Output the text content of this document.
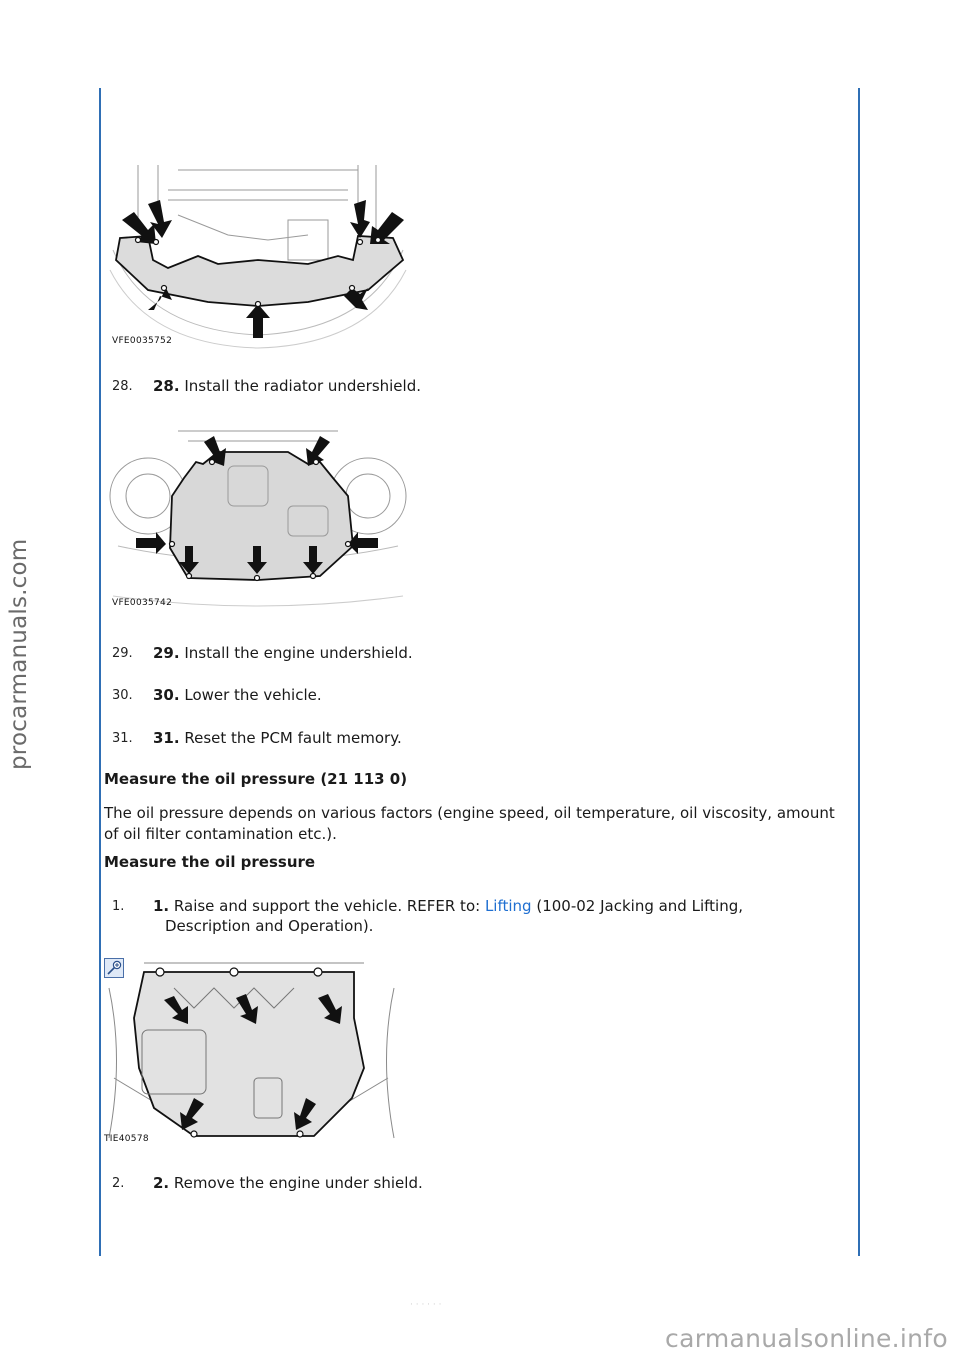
procarmanuals.com
carmanualsonline.info
· · · · · ·
VFE0035752
28. 28. Install the radiator undershield.
VFE0035742
29. 29. Install the engine undershield.
30. 30. Lower the vehicle.
31. 31. Reset the PCM fault memory.
Measure the oil pressure (21 113 0)
The oil pressure depends on various factors (engine speed, oil temperature, oil viscosity, amount of oil filter contamination etc.).
Measure the oil pressure
1. 1. Raise and support the vehicle. REFER to: Lifting (100-02 Jacking and Lifting,
Description and Operation).
TIE40578
2. 2. Remove the engine under shield.
